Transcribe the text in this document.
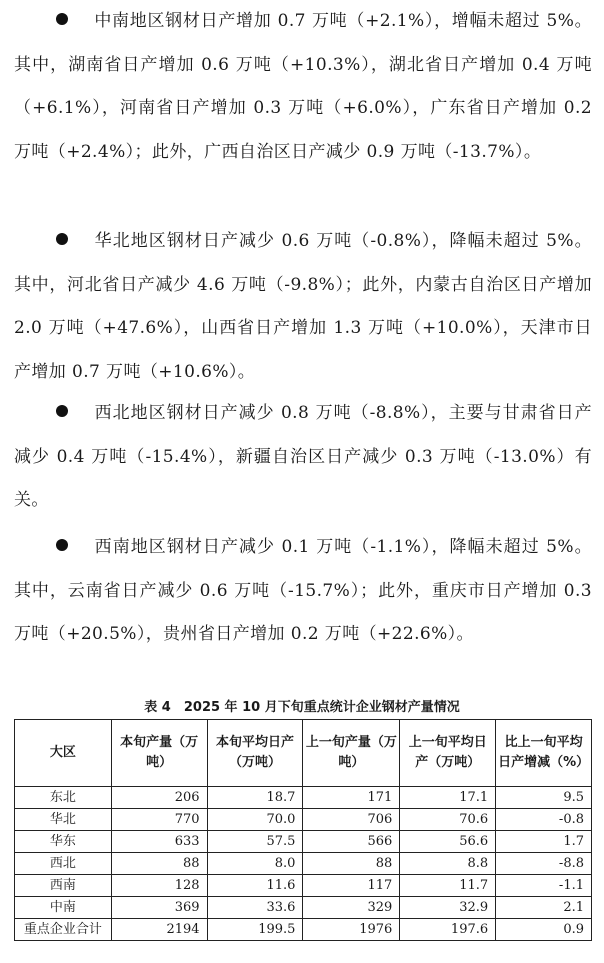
中南地区钢材日产增加 0.7 万吨（+2.1%），增幅未超过 5%。其中，湖南省日产增加 0.6 万吨（+10.3%），湖北省日产增加 0.4 万吨（+6.1%），河南省日产增加 0.3 万吨（+6.0%），广东省日产增加 0.2 万吨（+2.4%）；此外，广西自治区日产减少 0.9 万吨（-13.7%）。
华北地区钢材日产减少 0.6 万吨（-0.8%），降幅未超过 5%。其中，河北省日产减少 4.6 万吨（-9.8%）；此外，内蒙古自治区日产增加 2.0 万吨（+47.6%），山西省日产增加 1.3 万吨（+10.0%），天津市日产增加 0.7 万吨（+10.6%）。
西北地区钢材日产减少 0.8 万吨（-8.8%），主要与甘肃省日产减少 0.4 万吨（-15.4%），新疆自治区日产减少 0.3 万吨（-13.0%）有关。
西南地区钢材日产减少 0.1 万吨（-1.1%），降幅未超过 5%。其中，云南省日产减少 0.6 万吨（-15.7%）；此外，重庆市日产增加 0.3 万吨（+20.5%），贵州省日产增加 0.2 万吨（+22.6%）。
表 4　2025 年 10 月下旬重点统计企业钢材产量情况
大区	本旬产量（万吨）	本旬平均日产（万吨）	上一旬产量（万吨）	上一旬平均日产（万吨）	比上一旬平均日产增减（%）
东北	206	18.7	171	17.1	9.5
华北	770	70.0	706	70.6	-0.8
华东	633	57.5	566	56.6	1.7
西北	88	8.0	88	8.8	-8.8
西南	128	11.6	117	11.7	-1.1
中南	369	33.6	329	32.9	2.1
重点企业合计	2194	199.5	1976	197.6	0.9
